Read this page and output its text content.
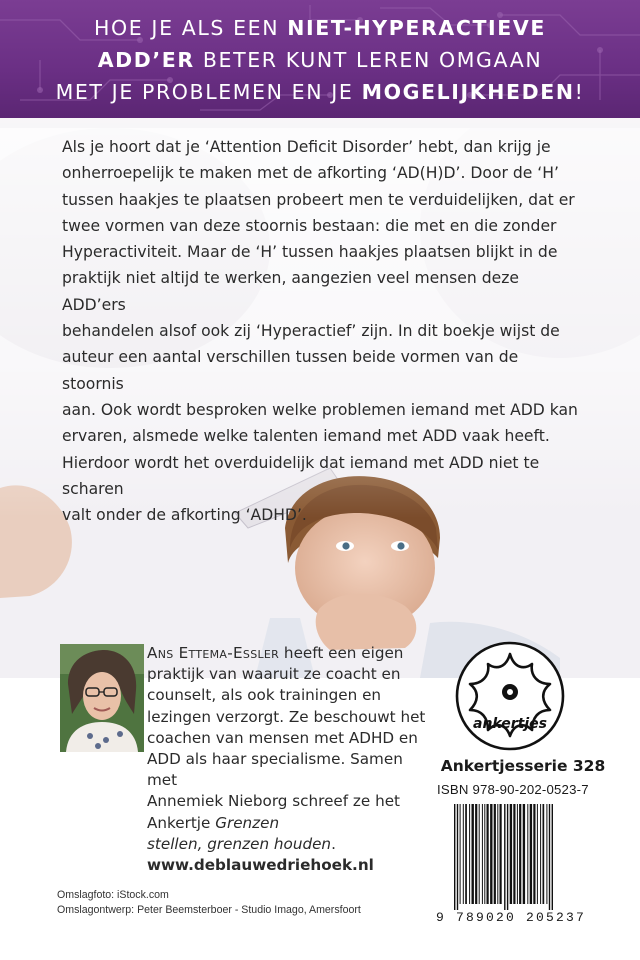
HOE JE ALS EEN NIET-HYPERACTIEVE
ADD’ER BETER KUNT LEREN OMGAAN
MET JE PROBLEMEN EN JE MOGELIJKHEDEN!
Als je hoort dat je ‘Attention Deficit Disorder’ hebt, dan krijg je
onherroepelijk te maken met de afkorting ‘AD(H)D’. Door de ‘H’
tussen haakjes te plaatsen probeert men te verduidelijken, dat er
twee vormen van deze stoornis bestaan: die met en die zonder
Hyperactiviteit. Maar de ‘H’ tussen haakjes plaatsen blijkt in de
praktijk niet altijd te werken, aangezien veel mensen deze ADD’ers
behandelen alsof ook zij ‘Hyperactief’ zijn. In dit boekje wijst de
auteur een aantal verschillen tussen beide vormen van de stoornis
aan. Ook wordt besproken welke problemen iemand met ADD kan
ervaren, alsmede welke talenten iemand met ADD vaak heeft.
Hierdoor wordt het overduidelijk dat iemand met ADD niet te scharen
valt onder de afkorting ‘ADHD’.
Ans Ettema-Essler heeft een eigen
praktijk van waaruit ze coacht en
counselt, als ook trainingen en
lezingen verzorgt. Ze beschouwt het
coachen van mensen met ADHD en
ADD als haar specialisme. Samen met
Annemiek Nieborg schreef ze het Ankertje Grenzen
stellen, grenzen houden. www.deblauwedriehoek.nl
ankertjes
Ankertjesserie 328
ISBN 978-90-202-0523-7
9 789020 205237
Omslagfoto: iStock.com
Omslagontwerp: Peter Beemsterboer - Studio Imago, Amersfoort
